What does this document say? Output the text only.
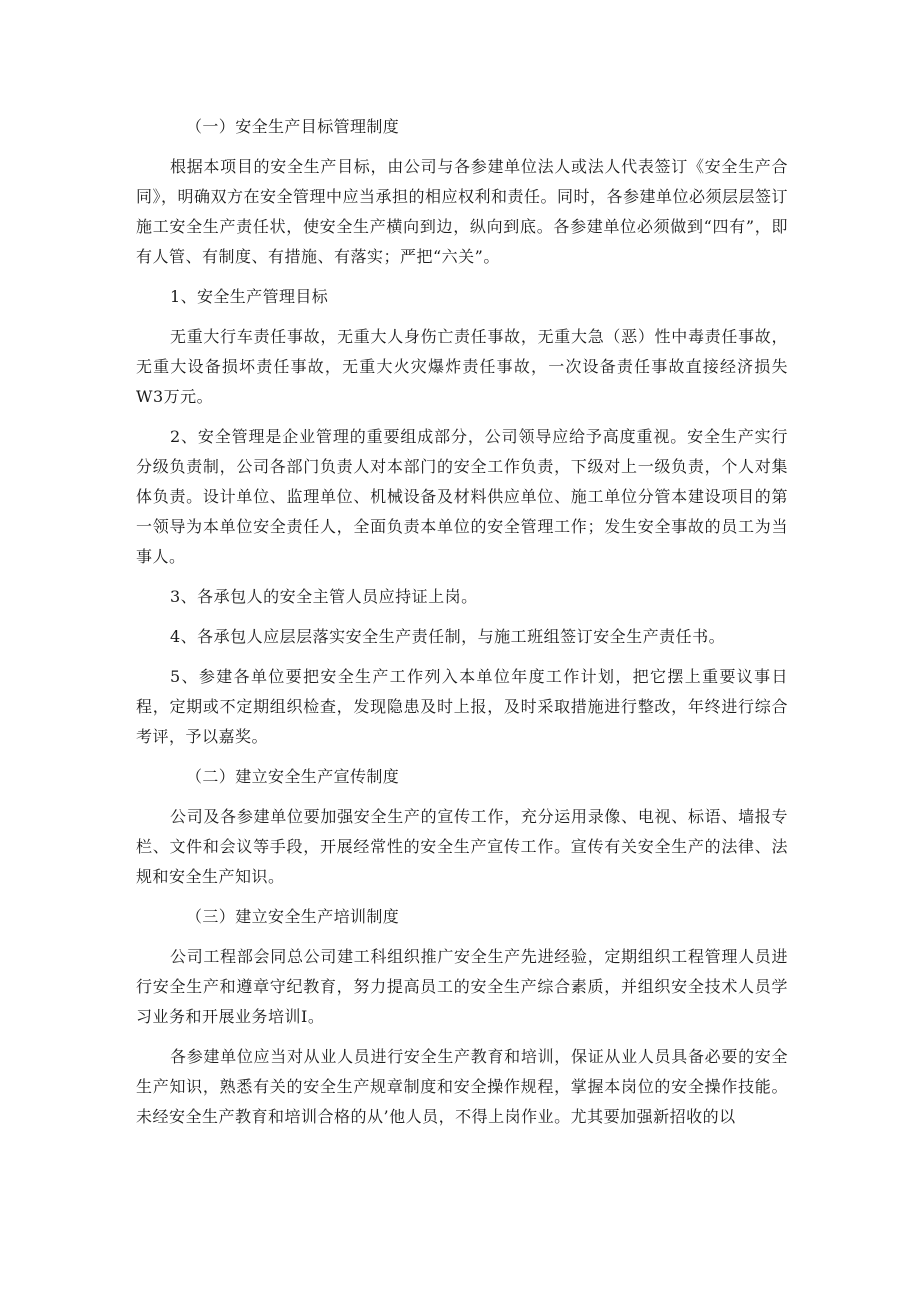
（一）安全生产目标管理制度

根据本项目的安全生产目标，由公司与各参建单位法人或法人代表签订《安全生产合同》，明确双方在安全管理中应当承担的相应权利和责任。同时，各参建单位必须层层签订施工安全生产责任状，使安全生产横向到边，纵向到底。各参建单位必须做到“四有”，即有人管、有制度、有措施、有落实；严把“六关”。

1、安全生产管理目标

无重大行车责任事故，无重大人身伤亡责任事故，无重大急（恶）性中毒责任事故，无重大设备损坏责任事故，无重大火灾爆炸责任事故，一次设备责任事故直接经济损失W3万元。

2、安全管理是企业管理的重要组成部分，公司领导应给予高度重视。安全生产实行分级负责制，公司各部门负责人对本部门的安全工作负责，下级对上一级负责，个人对集体负责。设计单位、监理单位、机械设备及材料供应单位、施工单位分管本建设项目的第一领导为本单位安全责任人，全面负责本单位的安全管理工作；发生安全事故的员工为当事人。

3、各承包人的安全主管人员应持证上岗。

4、各承包人应层层落实安全生产责任制，与施工班组签订安全生产责任书。

5、参建各单位要把安全生产工作列入本单位年度工作计划，把它摆上重要议事日程，定期或不定期组织检查，发现隐患及时上报，及时采取措施进行整改，年终进行综合考评，予以嘉奖。

（二）建立安全生产宣传制度

公司及各参建单位要加强安全生产的宣传工作，充分运用录像、电视、标语、墙报专栏、文件和会议等手段，开展经常性的安全生产宣传工作。宣传有关安全生产的法律、法规和安全生产知识。

（三）建立安全生产培训制度

公司工程部会同总公司建工科组织推广安全生产先进经验，定期组织工程管理人员进行安全生产和遵章守纪教育，努力提高员工的安全生产综合素质，并组织安全技术人员学习业务和开展业务培训I。

各参建单位应当对从业人员进行安全生产教育和培训，保证从业人员具备必要的安全生产知识，熟悉有关的安全生产规章制度和安全操作规程，掌握本岗位的安全操作技能。未经安全生产教育和培训合格的从’他人员，不得上岗作业。尤其要加强新招收的以
